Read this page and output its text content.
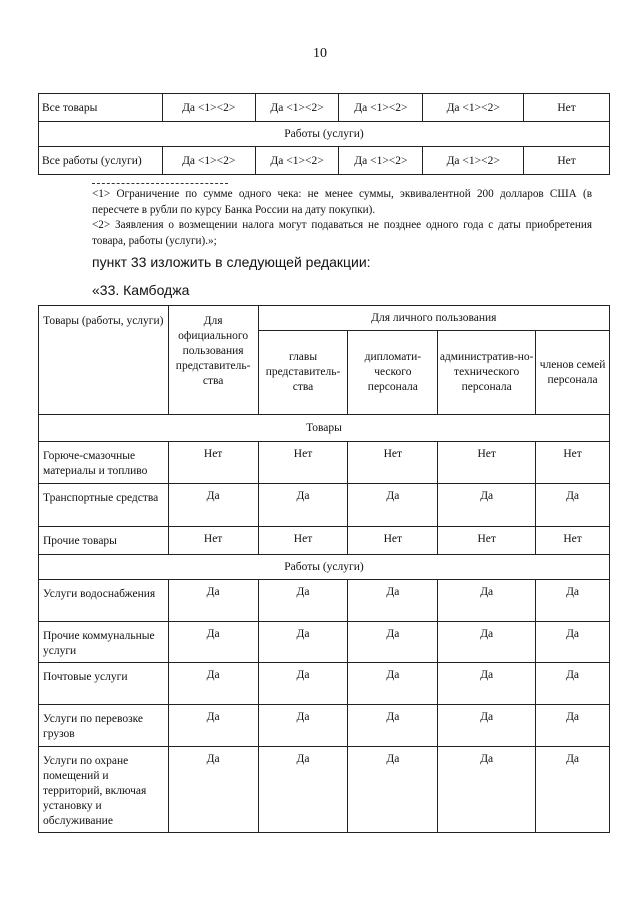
10
Все товары	Да <1><2>	Да <1><2>	Да <1><2>	Да <1><2>	Нет
Работы (услуги)					
Все работы (услуги)	Да <1><2>	Да <1><2>	Да <1><2>	Да <1><2>	Нет
<1> Ограничение по сумме одного чека: не менее суммы, эквивалентной 200 долларов США (в пересчете в рубли по курсу Банка России на дату покупки).
<2> Заявления о возмещении налога могут подаваться не позднее одного года с даты приобретения товара, работы (услуги).»;
пункт 33 изложить в следующей редакции:
«33. Камбоджа
Товары (работы, услуги)	Для официального пользования представитель-ства	Для личного пользования			
		главы представитель-ства	дипломати-ческого персонала	административ-но-технического персонала	членов семей персонала
Товары					
Горюче-смазочные материалы и топливо	Нет	Нет	Нет	Нет	Нет
Транспортные средства	Да	Да	Да	Да	Да
Прочие товары	Нет	Нет	Нет	Нет	Нет
Работы (услуги)					
Услуги водоснабжения	Да	Да	Да	Да	Да
Прочие коммунальные услуги	Да	Да	Да	Да	Да
Почтовые услуги	Да	Да	Да	Да	Да
Услуги по перевозке грузов	Да	Да	Да	Да	Да
Услуги по охране помещений и территорий, включая установку и обслуживание	Да	Да	Да	Да	Да
